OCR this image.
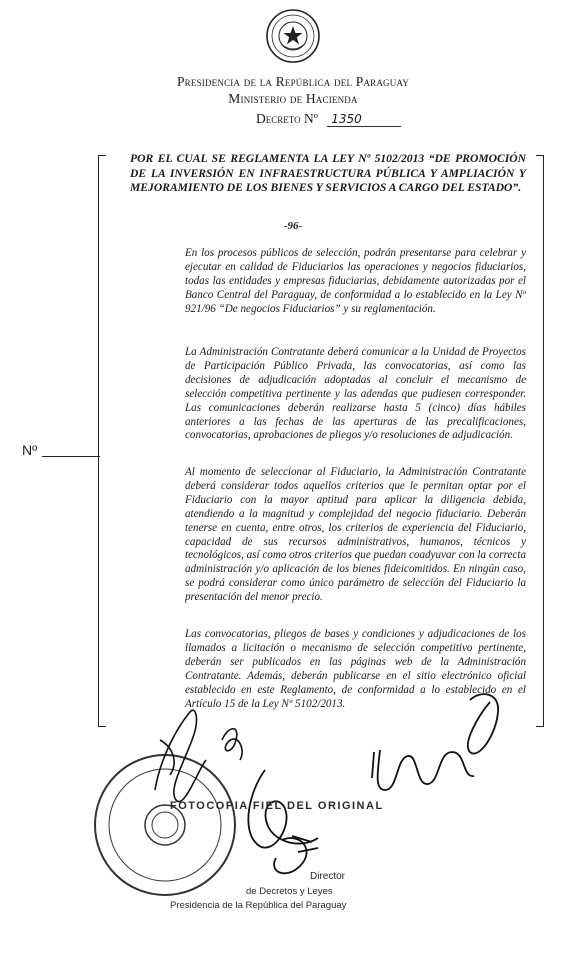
Presidencia de la República del Paraguay
Ministerio de Hacienda
Decreto Nº 1350
Nº
POR EL CUAL SE REGLAMENTA LA LEY Nº 5102/2013 “DE PROMOCIÓN DE LA INVERSIÓN EN INFRAESTRUCTURA PÚBLICA Y AMPLIACIÓN Y MEJORAMIENTO DE LOS BIENES Y SERVICIOS A CARGO DEL ESTADO”.
-96-
En los procesos públicos de selección, podrán presentarse para celebrar y ejecutar en calidad de Fiduciarios las operaciones y negocios fiduciarios, todas las entidades y empresas fiduciarias, debidamente autorizadas por el Banco Central del Paraguay, de conformidad a lo establecido en la Ley Nº 921/96 “De negocios Fiduciarios” y su reglamentación.
La Administración Contratante deberá comunicar a la Unidad de Proyectos de Participación Público Privada, las convocatorias, así como las decisiones de adjudicación adoptadas al concluir el mecanismo de selección competitiva pertinente y las adendas que pudiesen corresponder. Las comunicaciones deberán realizarse hasta 5 (cinco) días hábiles anteriores a las fechas de las aperturas de las precalificaciones, convocatorias, aprobaciones de pliegos y/o resoluciones de adjudicación.
Al momento de seleccionar al Fiduciario, la Administración Contratante deberá considerar todos aquellos criterios que le permitan optar por el Fiduciario con la mayor aptitud para aplicar la diligencia debida, atendiendo a la magnitud y complejidad del negocio fiduciario. Deberán tenerse en cuenta, entre otros, los criterios de experiencia del Fiduciario, capacidad de sus recursos administrativos, humanos, técnicos y tecnológicos, así como otros criterios que puedan coadyuvar con la correcta administración y/o aplicación de los bienes fideicomitidos. En ningún caso, se podrá considerar como único parámetro de selección del Fiduciario la presentación del menor precio.
Las convocatorias, pliegos de bases y condiciones y adjudicaciones de los llamados a licitación o mecanismo de selección competitivo pertinente, deberán ser publicados en las páginas web de la Administración Contratante. Además, deberán publicarse en el sitio electrónico oficial establecido en este Reglamento, de conformidad a lo establecido en el Artículo 15 de la Ley Nº 5102/2013.
FOTOCOPIA FIEL DEL ORIGINAL
Director
de Decretos y Leyes
Presidencia de la República del Paraguay
